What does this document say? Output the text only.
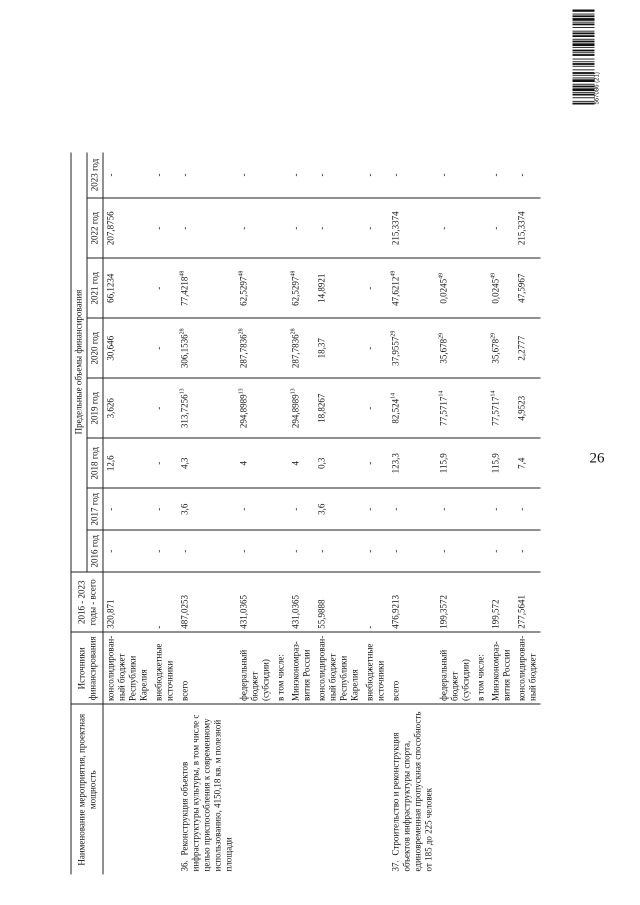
26
Наименование мероприятия, проектная мощность	Источники финансирования	2016 - 2023 годы - всего	Предельные объемы финансирования							
			2016 год	2017 год	2018 год	2019 год	2020 год	2021 год	2022 год	2023 год
	консолидирован-ный бюджет Республики Карелия	320,871	-	-	12,6	3,626	30,646	66,1234	207,8756	-
	внебюджетные источники	-	-	-	-	-	-	-	-	-
36.Реконструкция объектов инфраструктуры культуры, в том числе с целью приспособления к современному использованию, 4150,18 кв. м полезной площади	всего	487,0253	-	3,6	4,3	313,7256$^{13}$	306,1536$^{28}$	77,4218$^{48}$	-	-
	федеральный бюджет (субсидии)	431,0365	-	-	4	294,8989$^{13}$	287,7836$^{28}$	62,5297$^{48}$	-	-
	в том числе:									
	Минэкономраз-вития России	431,0365	-	-	4	294,8989$^{13}$	287,7836$^{28}$	62,5297$^{48}$	-	-
	консолидирован-ный бюджет Республики Карелия	55,9888	-	3,6	0,3	18,8267	18,37	14,8921	-	-
	внебюджетные источники	-	-	-	-	-	-	-	-	-
37.Строительство и реконструкция объектов инфраструктуры спорта, единовременная пропускная способность от 185 до 225 человек	всего	476,9213	-	-	123,3	82,524$^{14}$	37,9557$^{29}$	47,6212$^{49}$	215,3374	-
	федеральный бюджет (субсидии)	199,3572	-	-	115,9	77,5717$^{14}$	35,678$^{29}$	0,0245$^{49}$	-	-
	в том числе:									
	Минэкономраз-вития России	199,572	-	-	115,9	77,5717$^{14}$	35,678$^{29}$	0,0245$^{49}$	-	-
	консолидирован-ный бюджет	277,5641	-	-	7,4	4,9523	2,2777	47,5967	215,3374	-
567086 (21)
